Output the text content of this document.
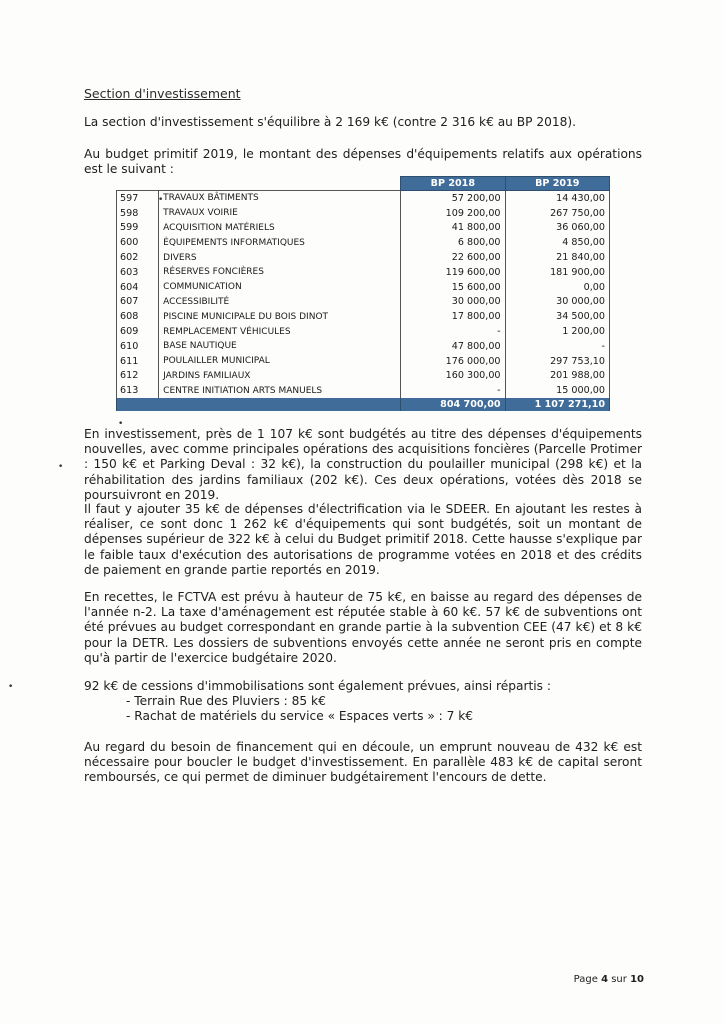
Section d'investissement

La section d'investissement s'équilibre à 2 169 k€ (contre 2 316 k€ au BP 2018).

Au budget primitif 2019, le montant des dépenses d'équipements relatifs aux opérations est le suivant :

		BP 2018	BP 2019
597	TRAVAUX BÂTIMENTS	57 200,00	14 430,00
598	TRAVAUX VOIRIE	109 200,00	267 750,00
599	ACQUISITION MATÉRIELS	41 800,00	36 060,00
600	ÉQUIPEMENTS INFORMATIQUES	6 800,00	4 850,00
602	DIVERS	22 600,00	21 840,00
603	RÉSERVES FONCIÈRES	119 600,00	181 900,00
604	COMMUNICATION	15 600,00	0,00
607	ACCESSIBILITÉ	30 000,00	30 000,00
608	PISCINE MUNICIPALE DU BOIS DINOT	17 800,00	34 500,00
609	REMPLACEMENT VÉHICULES	-	1 200,00
610	BASE NAUTIQUE	47 800,00	-
611	POULAILLER MUNICIPAL	176 000,00	297 753,10
612	JARDINS FAMILIAUX	160 300,00	201 988,00
613	CENTRE INITIATION ARTS MANUELS	-	15 000,00
		804 700,00	1 107 271,10

En investissement, près de 1 107 k€ sont budgétés au titre des dépenses d'équipements nouvelles, avec comme principales opérations des acquisitions foncières (Parcelle Protimer : 150 k€ et Parking Deval : 32 k€), la construction du poulailler municipal (298 k€) et la réhabilitation des jardins familiaux (202 k€). Ces deux opérations, votées dès 2018 se poursuivront en 2019.

Il faut y ajouter 35 k€ de dépenses d'électrification via le SDEER. En ajoutant les restes à réaliser, ce sont donc 1 262 k€ d'équipements qui sont budgétés, soit un montant de dépenses supérieur de 322 k€ à celui du Budget primitif 2018. Cette hausse s'explique par le faible taux d'exécution des autorisations de programme votées en 2018 et des crédits de paiement en grande partie reportés en 2019.

En recettes, le FCTVA est prévu à hauteur de 75 k€, en baisse au regard des dépenses de l'année n-2. La taxe d'aménagement est réputée stable à 60 k€. 57 k€ de subventions ont été prévues au budget correspondant en grande partie à la subvention CEE (47 k€) et 8 k€ pour la DETR. Les dossiers de subventions envoyés cette année ne seront pris en compte qu'à partir de l'exercice budgétaire 2020.

92 k€ de cessions d'immobilisations sont également prévues, ainsi répartis :
- Terrain Rue des Pluviers : 85 k€
- Rachat de matériels du service « Espaces verts » : 7 k€

Au regard du besoin de financement qui en découle, un emprunt nouveau de 432 k€ est nécessaire pour boucler le budget d'investissement. En parallèle 483 k€ de capital seront remboursés, ce qui permet de diminuer budgétairement l'encours de dette.

Page 4 sur 10
•
•
•
•
